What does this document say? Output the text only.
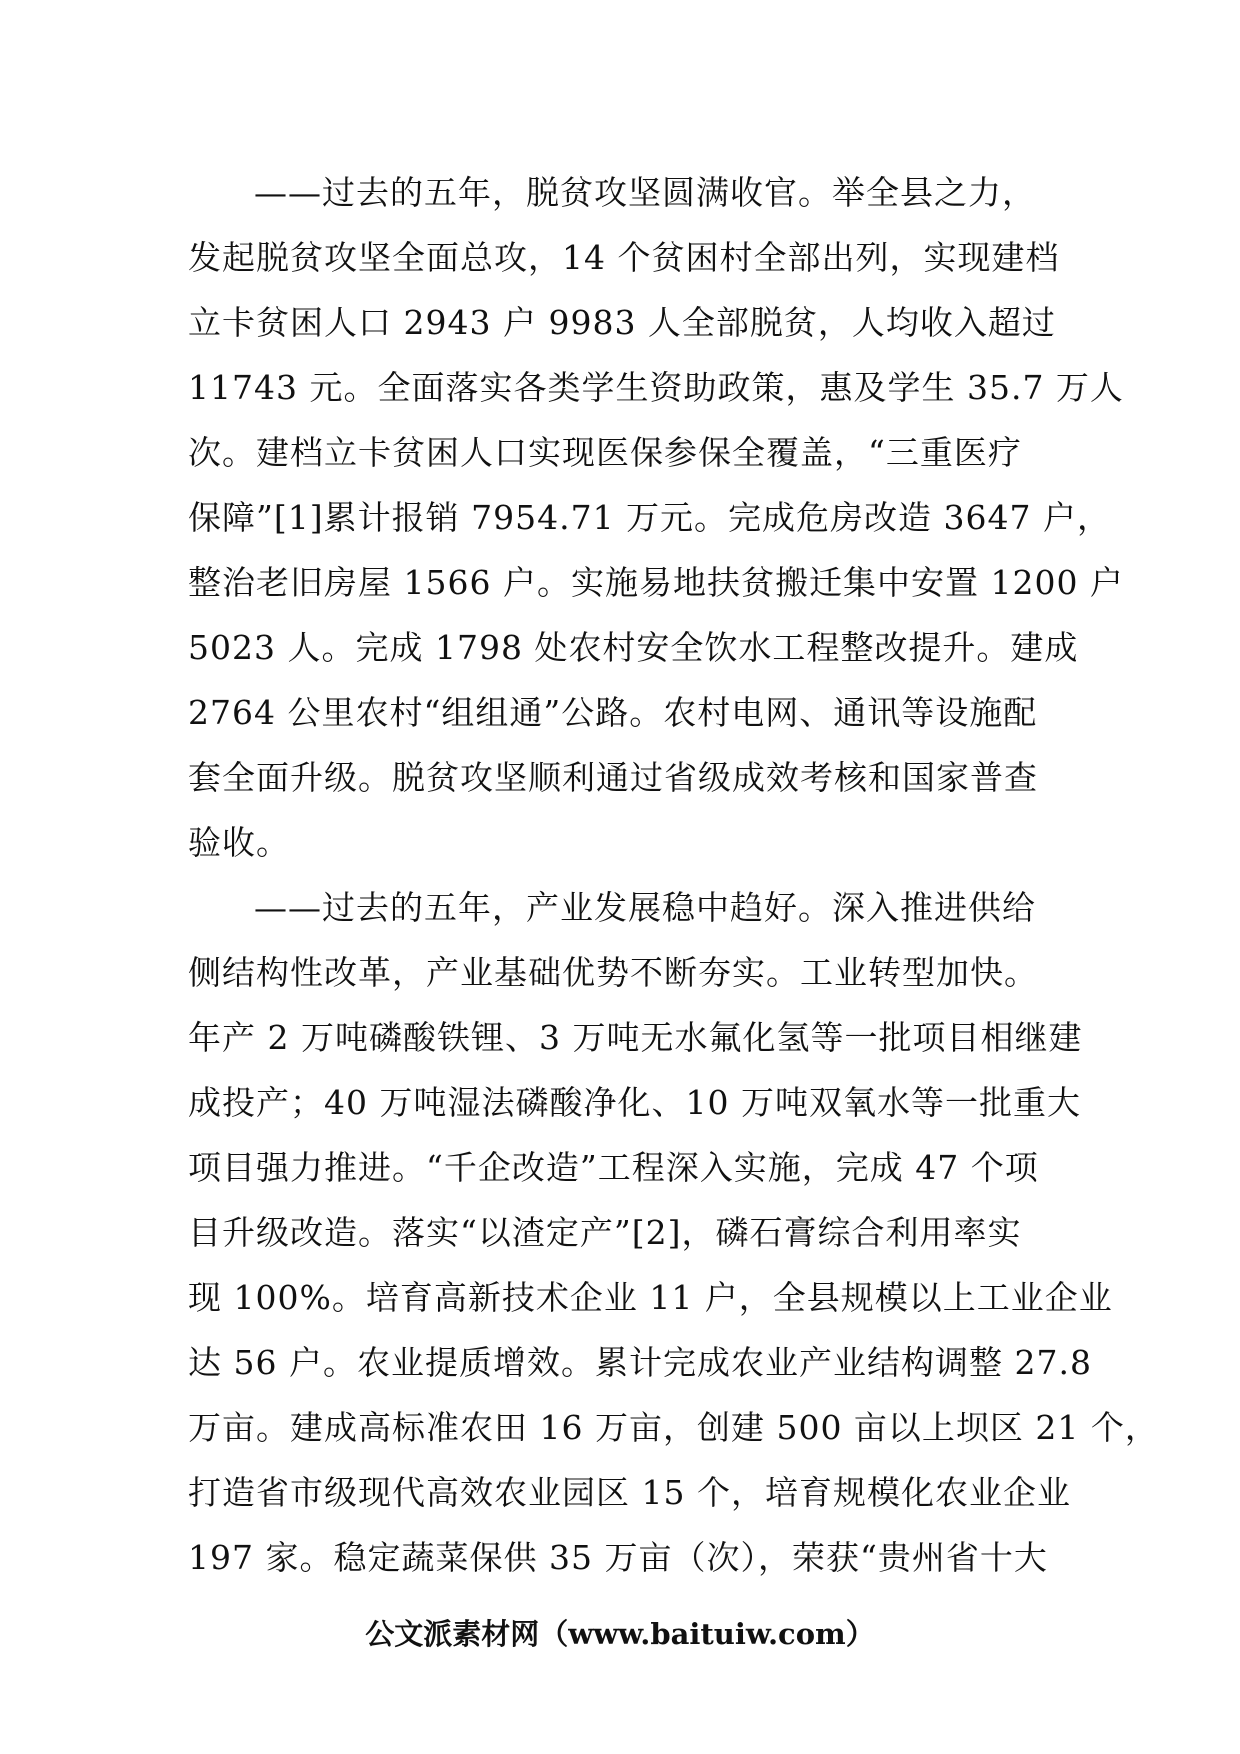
——过去的五年，脱贫攻坚圆满收官。举全县之力，
发起脱贫攻坚全面总攻，14 个贫困村全部出列，实现建档
立卡贫困人口 2943 户 9983 人全部脱贫，人均收入超过
11743 元。全面落实各类学生资助政策，惠及学生 35.7 万人
次。建档立卡贫困人口实现医保参保全覆盖，“三重医疗
保障”[1]累计报销 7954.71 万元。完成危房改造 3647 户，
整治老旧房屋 1566 户。实施易地扶贫搬迁集中安置 1200 户
5023 人。完成 1798 处农村安全饮水工程整改提升。建成
2764 公里农村“组组通”公路。农村电网、通讯等设施配
套全面升级。脱贫攻坚顺利通过省级成效考核和国家普查
验收。
——过去的五年，产业发展稳中趋好。深入推进供给
侧结构性改革，产业基础优势不断夯实。工业转型加快。
年产 2 万吨磷酸铁锂、3 万吨无水氟化氢等一批项目相继建
成投产；40 万吨湿法磷酸净化、10 万吨双氧水等一批重大
项目强力推进。“千企改造”工程深入实施，完成 47 个项
目升级改造。落实“以渣定产”[2]，磷石膏综合利用率实
现 100%。培育高新技术企业 11 户，全县规模以上工业企业
达 56 户。农业提质增效。累计完成农业产业结构调整 27.8
万亩。建成高标准农田 16 万亩，创建 500 亩以上坝区 21 个，
打造省市级现代高效农业园区 15 个，培育规模化农业企业
197 家。稳定蔬菜保供 35 万亩（次），荣获“贵州省十大
公文派素材网（www.baituiw.com）
